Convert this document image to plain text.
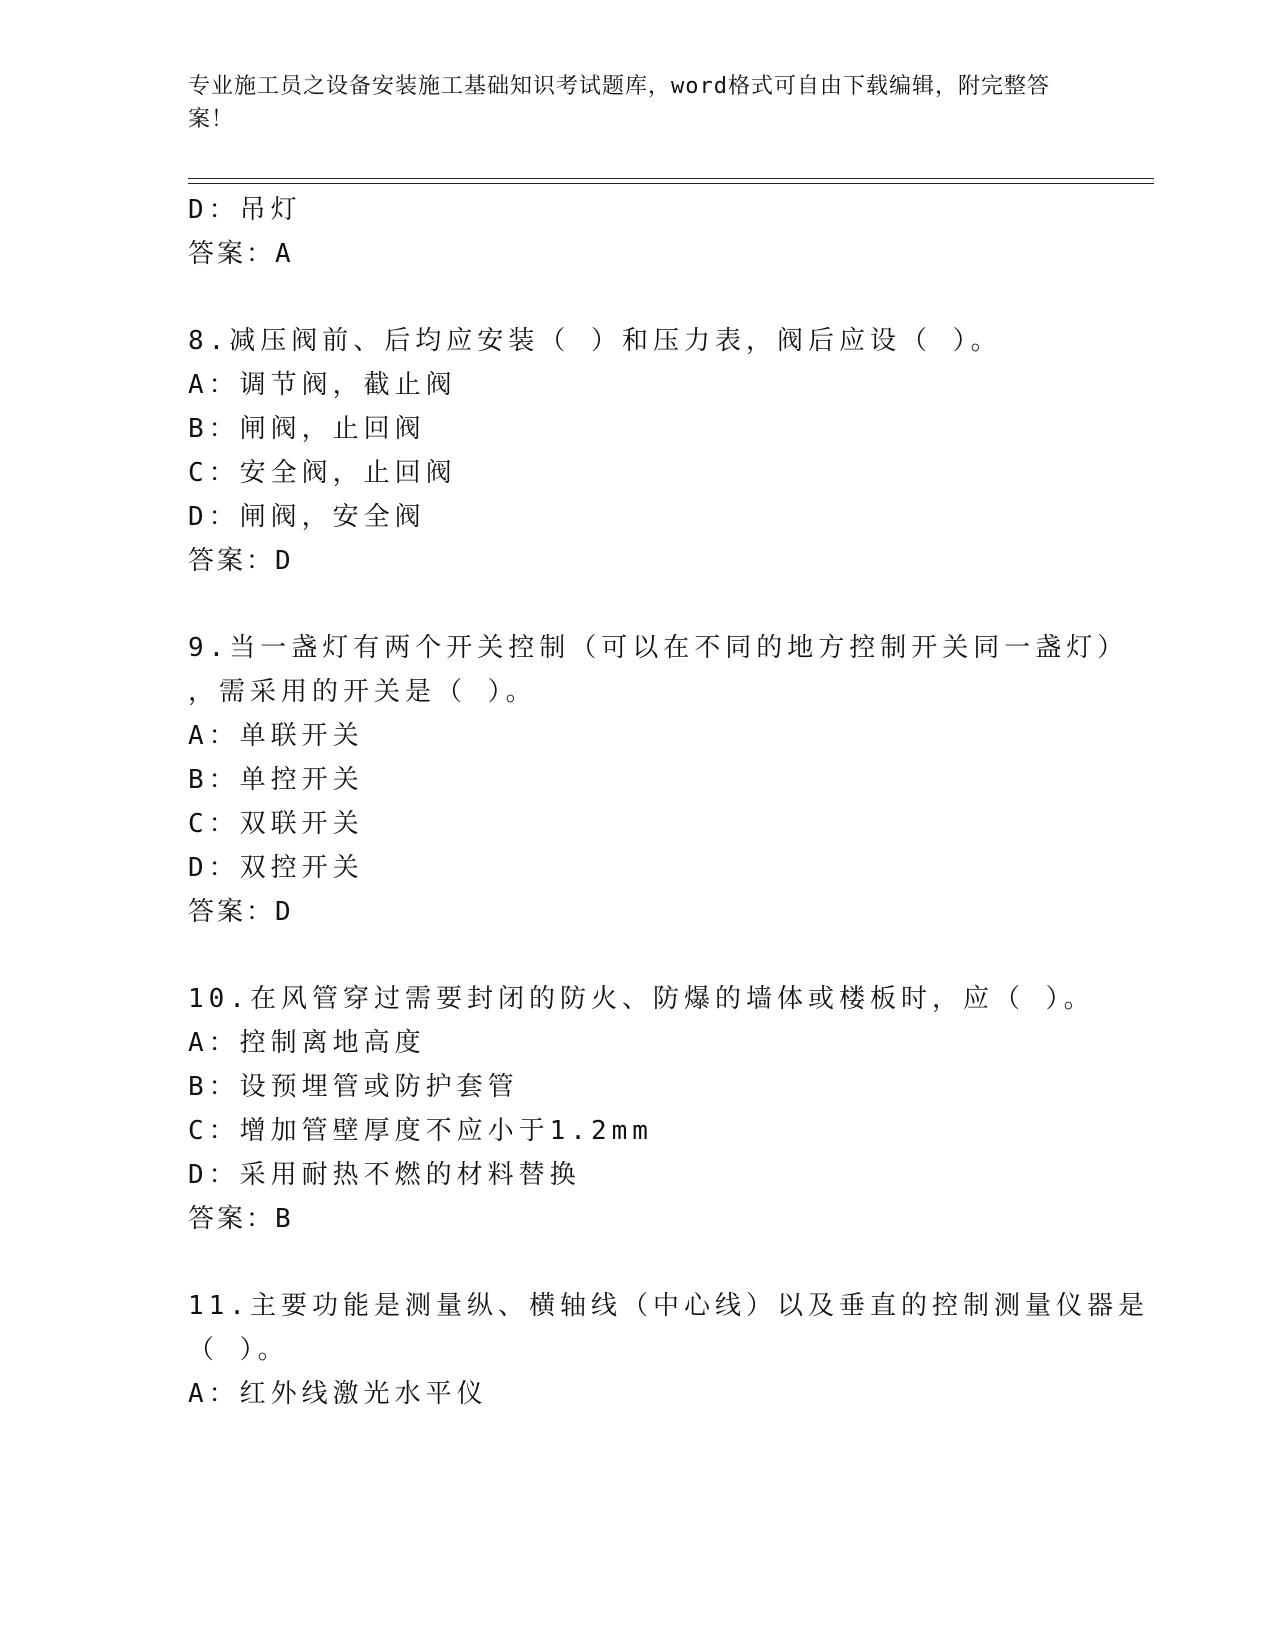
专业施工员之设备安装施工基础知识考试题库，word格式可自由下载编辑，附完整答案！
D：吊灯
答案：A
8.减压阀前、后均应安装（ ）和压力表，阀后应设（ ）。
A：调节阀，截止阀
B：闸阀，止回阀
C：安全阀，止回阀
D：闸阀，安全阀
答案：D
9.当一盏灯有两个开关控制（可以在不同的地方控制开关同一盏灯）
，需采用的开关是（ ）。
A：单联开关
B：单控开关
C：双联开关
D：双控开关
答案：D
10.在风管穿过需要封闭的防火、防爆的墙体或楼板时，应（ ）。
A：控制离地高度
B：设预埋管或防护套管
C：增加管壁厚度不应小于1.2mm
D：采用耐热不燃的材料替换
答案：B
11.主要功能是测量纵、横轴线（中心线）以及垂直的控制测量仪器是
（ ）。
A：红外线激光水平仪
